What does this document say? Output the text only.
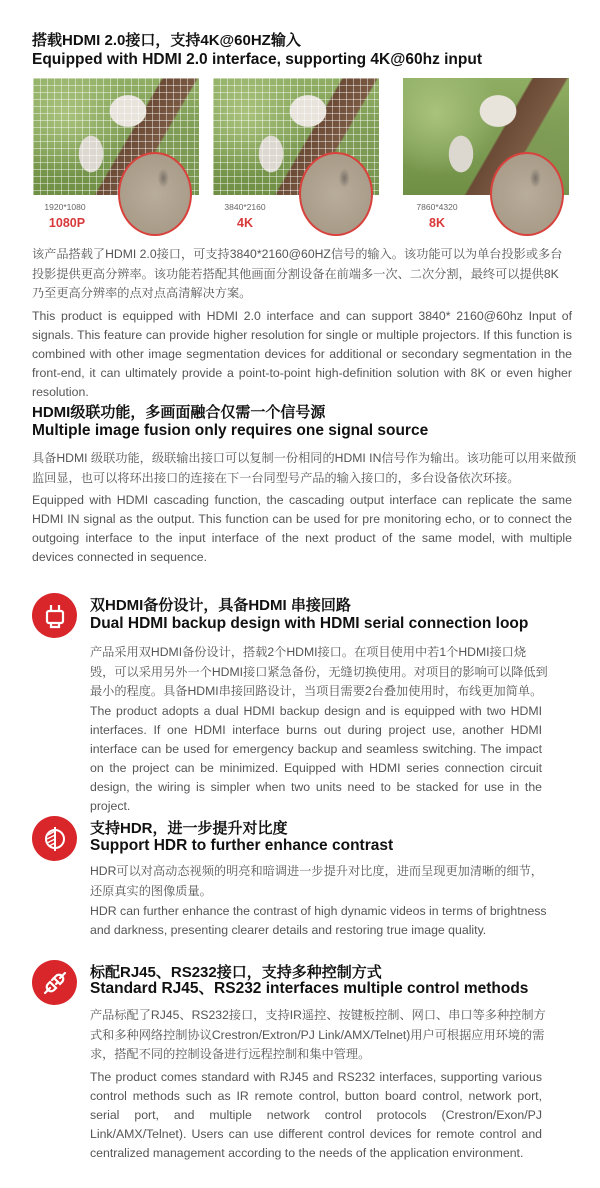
搭载HDMI 2.0接口，支持4K@60HZ输入
Equipped with HDMI 2.0 interface, supporting 4K@60hz input
1920*1080
1080P
3840*2160
4K
7860*4320
8K
该产品搭载了HDMI 2.0接口，可支持3840*2160@60HZ信号的输入。该功能可以为单台投影或多台投影提供更高分辨率。该功能若搭配其他画面分割设备在前端多一次、二次分割，最终可以提供8K乃至更高分辨率的点对点高清解决方案。
This product is equipped with HDMI 2.0 interface and can support 3840* 2160@60hz Input of signals. This feature can provide higher resolution for single or multiple projectors. If this function is combined with other image segmentation devices for additional or secondary segmentation in the front-end, it can ultimately provide a point-to-point high-definition solution with 8K or even higher resolution.
HDMI级联功能，多画面融合仅需一个信号源
Multiple image fusion only requires one signal source
具备HDMI 级联功能，级联输出接口可以复制一份相同的HDMI IN信号作为输出。该功能可以用来做预监回显，也可以将环出接口的连接在下一台同型号产品的输入接口的，多台设备依次环接。
Equipped with HDMI cascading function, the cascading output interface can replicate the same HDMI IN signal as the output. This function can be used for pre monitoring echo, or to connect the outgoing interface to the input interface of the next product of the same model, with multiple devices connected in sequence.
双HDMI备份设计，具备HDMI 串接回路
Dual HDMI backup design with HDMI serial connection loop
产品采用双HDMI备份设计，搭载2个HDMI接口。在项目使用中若1个HDMI接口烧毁，可以采用另外一个HDMI接口紧急备份，无缝切换使用。对项目的影响可以降低到最小的程度。具备HDMI串接回路设计，当项目需要2台叠加使用时，布线更加简单。
The product adopts a dual HDMI backup design and is equipped with two HDMI interfaces. If one HDMI interface burns out during project use, another HDMI interface can be used for emergency backup and seamless switching. The impact on the project can be minimized. Equipped with HDMI series connection circuit design, the wiring is simpler when two units need to be stacked for use in the project.
支持HDR，进一步提升对比度
Support HDR to further enhance contrast
HDR可以对高动态视频的明亮和暗调进一步提升对比度，进而呈现更加清晰的细节，还原真实的图像质量。
HDR can further enhance the contrast of high dynamic videos in terms of brightness and darkness, presenting clearer details and restoring true image quality.
标配RJ45、RS232接口，支持多种控制方式
Standard RJ45、RS232 interfaces multiple control methods
产品标配了RJ45、RS232接口，支持IR遥控、按键板控制、网口、串口等多种控制方式和多种网络控制协议Crestron/Extron/PJ Link/AMX/Telnet)用户可根据应用环境的需求，搭配不同的控制设备进行远程控制和集中管理。
The product comes standard with RJ45 and RS232 interfaces, supporting various control methods such as IR remote control, button board control, network port, serial port, and multiple network control protocols (Crestron/Exon/PJ Link/AMX/Telnet). Users can use different control devices for remote control and centralized management according to the needs of the application environment.
